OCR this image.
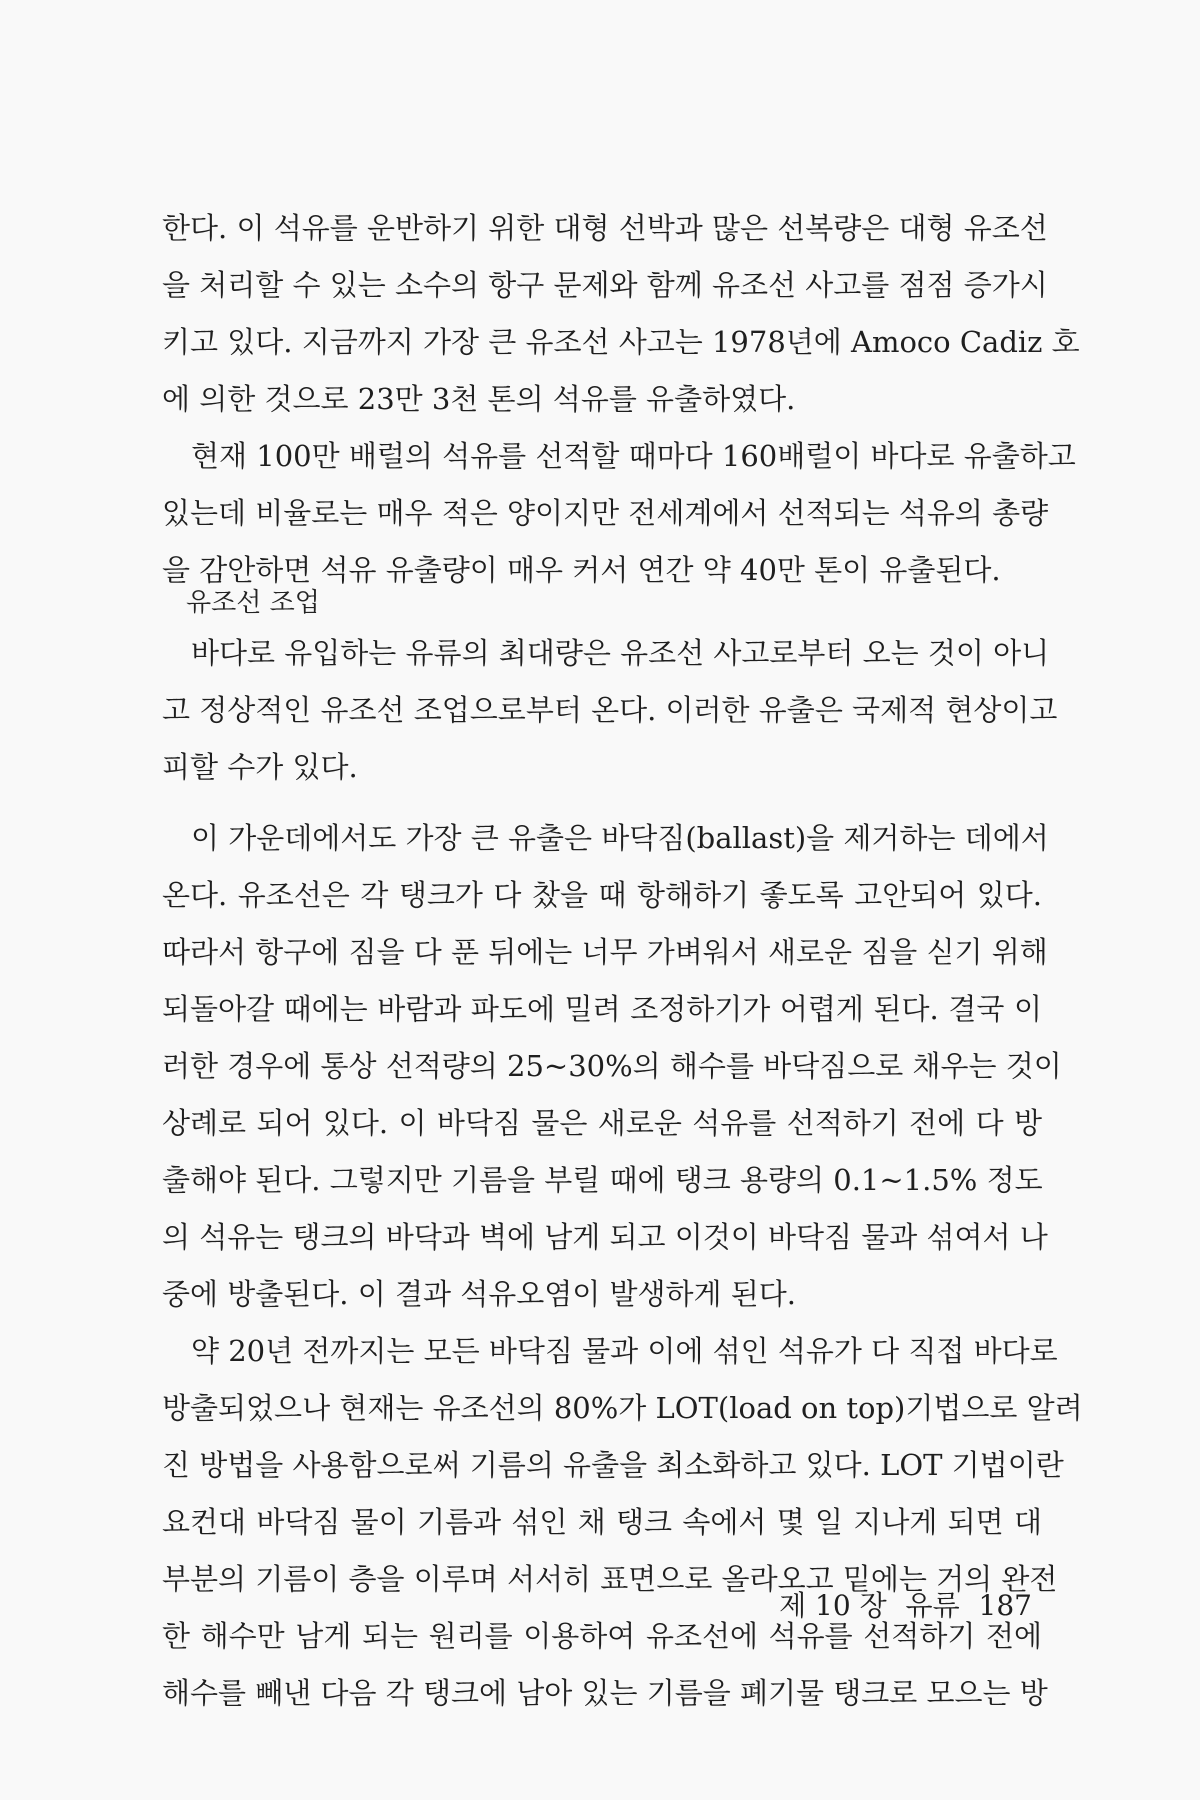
한다. 이 석유를 운반하기 위한 대형 선박과 많은 선복량은 대형 유조선
을 처리할 수 있는 소수의 항구 문제와 함께 유조선 사고를 점점 증가시
키고 있다. 지금까지 가장 큰 유조선 사고는 1978년에 Amoco Cadiz 호
에 의한 것으로 23만 3천 톤의 석유를 유출하였다.
　현재 100만 배럴의 석유를 선적할 때마다 160배럴이 바다로 유출하고
있는데 비율로는 매우 적은 양이지만 전세계에서 선적되는 석유의 총량
을 감안하면 석유 유출량이 매우 커서 연간 약 40만 톤이 유출된다.
유조선 조업
　바다로 유입하는 유류의 최대량은 유조선 사고로부터 오는 것이 아니
고 정상적인 유조선 조업으로부터 온다. 이러한 유출은 국제적 현상이고
피할 수가 있다.
　이 가운데에서도 가장 큰 유출은 바닥짐(ballast)을 제거하는 데에서
온다. 유조선은 각 탱크가 다 찼을 때 항해하기 좋도록 고안되어 있다.
따라서 항구에 짐을 다 푼 뒤에는 너무 가벼워서 새로운 짐을 싣기 위해
되돌아갈 때에는 바람과 파도에 밀려 조정하기가 어렵게 된다. 결국 이
러한 경우에 통상 선적량의 25~30%의 해수를 바닥짐으로 채우는 것이
상례로 되어 있다. 이 바닥짐 물은 새로운 석유를 선적하기 전에 다 방
출해야 된다. 그렇지만 기름을 부릴 때에 탱크 용량의 0.1~1.5% 정도
의 석유는 탱크의 바닥과 벽에 남게 되고 이것이 바닥짐 물과 섞여서 나
중에 방출된다. 이 결과 석유오염이 발생하게 된다.
　약 20년 전까지는 모든 바닥짐 물과 이에 섞인 석유가 다 직접 바다로
방출되었으나 현재는 유조선의 80%가 LOT(load on top)기법으로 알려
진 방법을 사용함으로써 기름의 유출을 최소화하고 있다. LOT 기법이란
요컨대 바닥짐 물이 기름과 섞인 채 탱크 속에서 몇 일 지나게 되면 대
부분의 기름이 층을 이루며 서서히 표면으로 올라오고 밑에는 거의 완전
한 해수만 남게 되는 원리를 이용하여 유조선에 석유를 선적하기 전에
해수를 빼낸 다음 각 탱크에 남아 있는 기름을 폐기물 탱크로 모으는 방
제 10 장 유류 187
